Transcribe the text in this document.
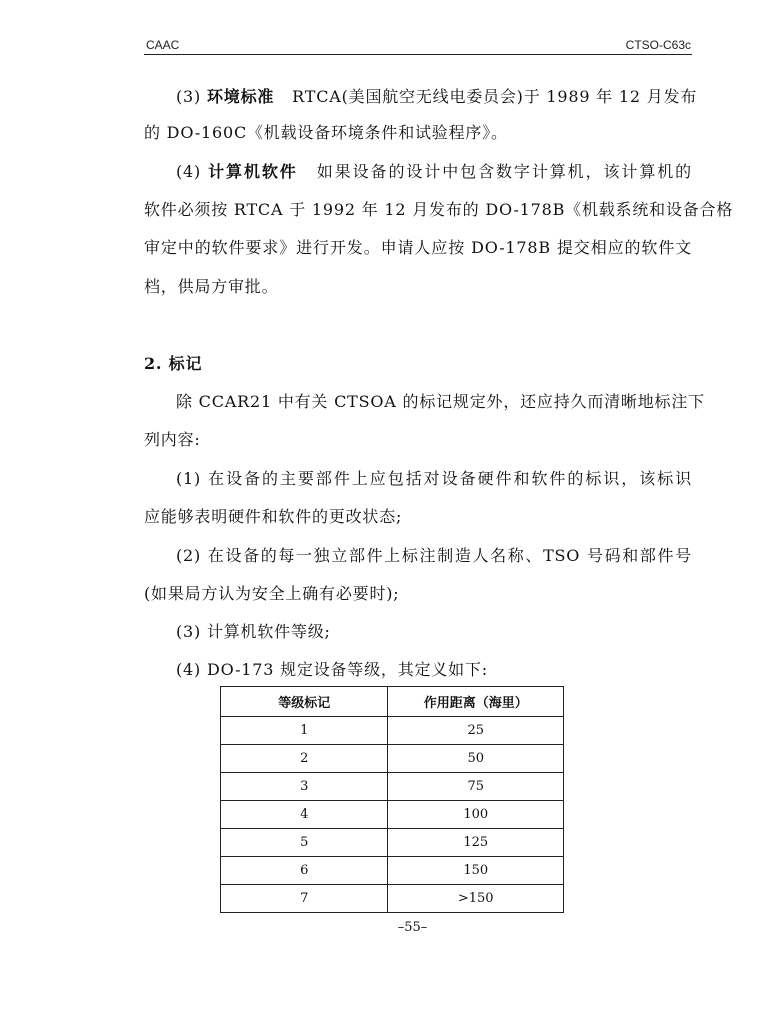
CAAC	CTSO-C63c
(3) 环境标准 RTCA(美国航空无线电委员会)于 1989 年 12 月发布
的 DO-160C《机载设备环境条件和试验程序》。
(4) 计算机软件 如果设备的设计中包含数字计算机，该计算机的
软件必须按 RTCA 于 1992 年 12 月发布的 DO-178B《机载系统和设备合格
审定中的软件要求》进行开发。申请人应按 DO-178B 提交相应的软件文
档，供局方审批。
2. 标记
除 CCAR21 中有关 CTSOA 的标记规定外，还应持久而清晰地标注下
列内容:
(1) 在设备的主要部件上应包括对设备硬件和软件的标识，该标识
应能够表明硬件和软件的更改状态;
(2) 在设备的每一独立部件上标注制造人名称、TSO 号码和部件号
(如果局方认为安全上确有必要时);
(3) 计算机软件等级;
(4) DO-173 规定设备等级，其定义如下:
等级标记	作用距离（海里）
1	25
2	50
3	75
4	100
5	125
6	150
7	>150
–55–
